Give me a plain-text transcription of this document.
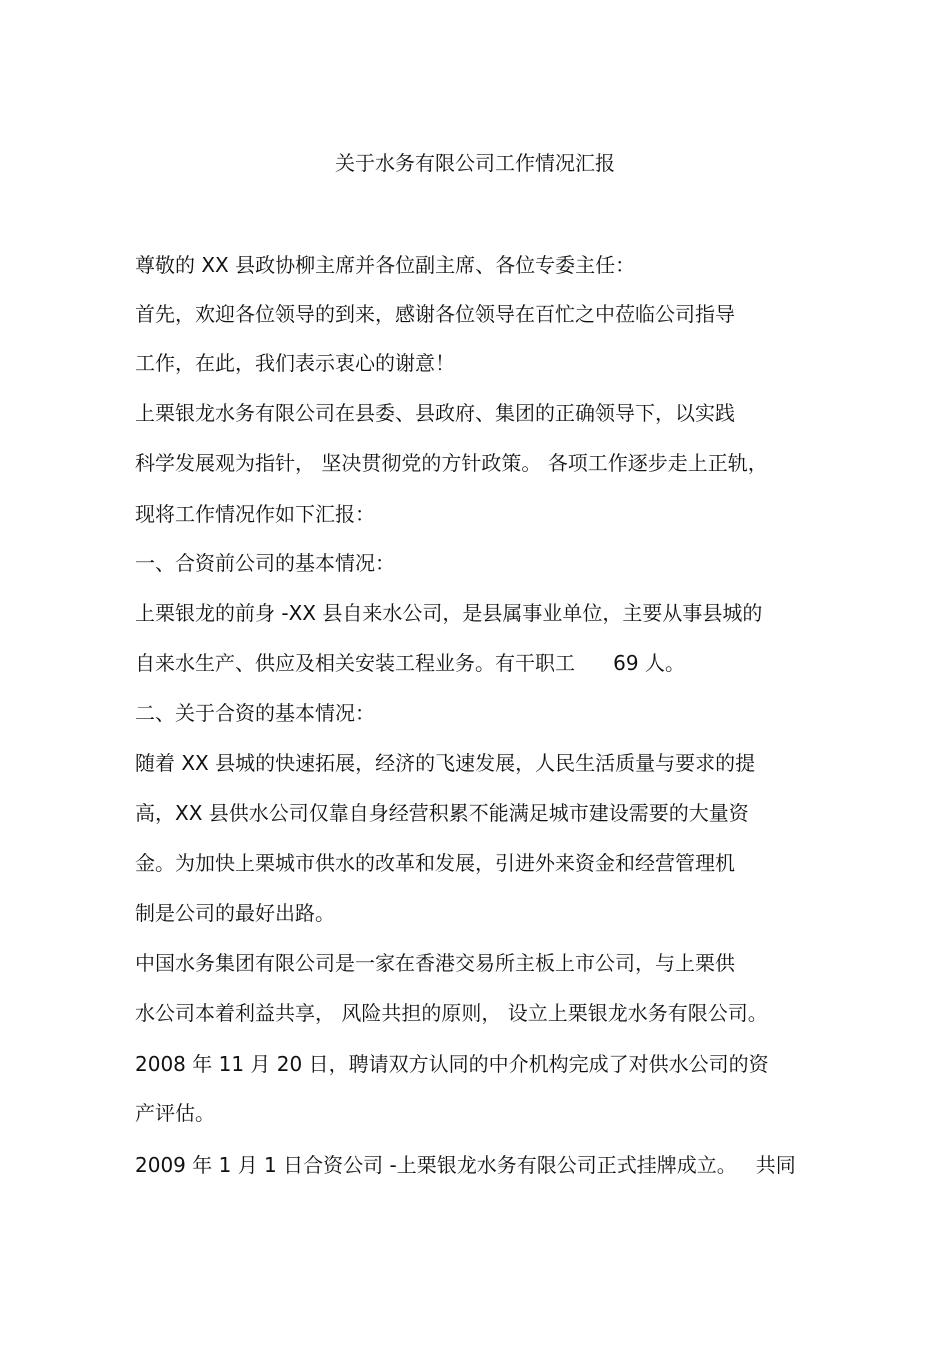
关于水务有限公司工作情况汇报

尊敬的 XX 县政协柳主席并各位副主席、各位专委主任：

首先，欢迎各位领导的到来，感谢各位领导在百忙之中莅临公司指导

工作，在此，我们表示衷心的谢意！

上栗银龙水务有限公司在县委、县政府、集团的正确领导下，以实践

科学发展观为指针， 坚决贯彻党的方针政策。 各项工作逐步走上正轨，

现将工作情况作如下汇报：

一、合资前公司的基本情况：

上栗银龙的前身 -XX 县自来水公司，是县属事业单位，主要从事县城的

自来水生产、供应及相关安装工程业务。有干职工      69 人。

二、关于合资的基本情况：

随着 XX 县城的快速拓展，经济的飞速发展，人民生活质量与要求的提

高，XX 县供水公司仅靠自身经营积累不能满足城市建设需要的大量资

金。为加快上栗城市供水的改革和发展，引进外来资金和经营管理机

制是公司的最好出路。

中国水务集团有限公司是一家在香港交易所主板上市公司，与上栗供

水公司本着利益共享， 风险共担的原则， 设立上栗银龙水务有限公司。

2008 年 11 月 20 日，聘请双方认同的中介机构完成了对供水公司的资

产评估。

2009 年 1 月 1 日合资公司 -上栗银龙水务有限公司正式挂牌成立。   共同
